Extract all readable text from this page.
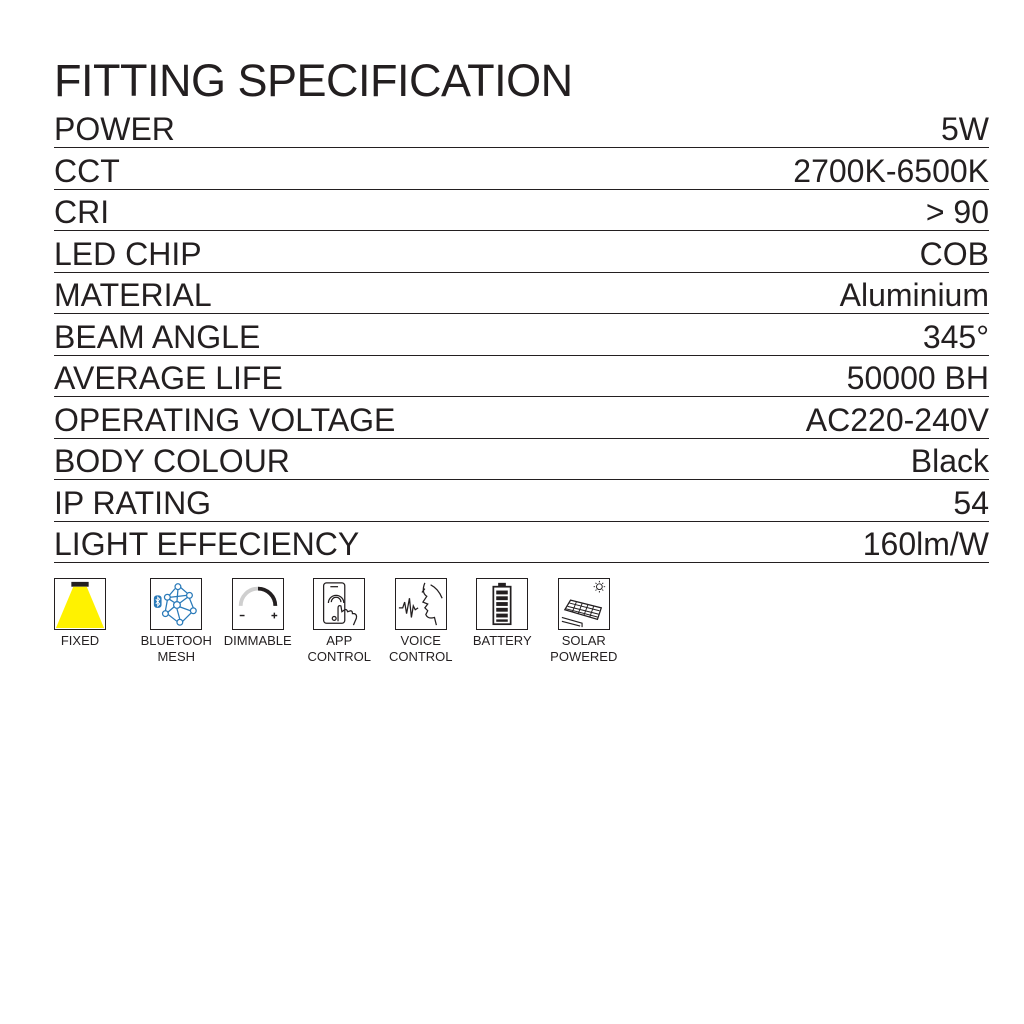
FITTING SPECIFICATION
POWER	5W
CCT	2700K-6500K
CRI	> 90
LED CHIP	COB
MATERIAL	Aluminium
BEAM ANGLE	345°
AVERAGE LIFE	50000 BH
OPERATING VOLTAGE	AC220-240V
BODY COLOUR	Black
IP RATING	54
LIGHT EFFECIENCY	160lm/W
FIXED	BLUETOOH
MESH
DIMMABLE	APP
CONTROL
VOICE
CONTROL
BATTERY	SOLAR
POWERED
